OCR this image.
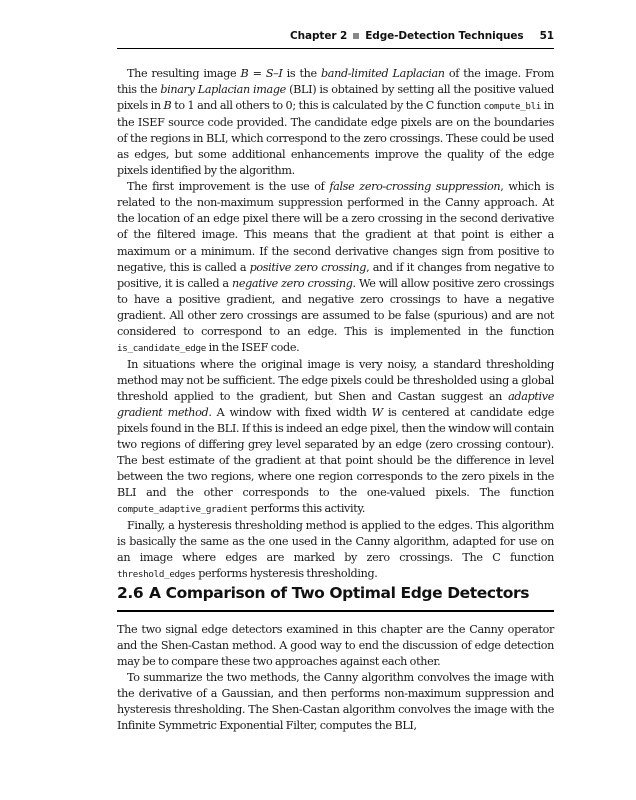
Chapter 2 Edge-Detection Techniques 51

The resulting image B = S–I is the band-limited Laplacian of the image. From this the binary Laplacian image (BLI) is obtained by setting all the positive valued pixels in B to 1 and all others to 0; this is calculated by the C function compute_bli in the ISEF source code provided. The candidate edge pixels are on the boundaries of the regions in BLI, which correspond to the zero crossings. These could be used as edges, but some additional enhancements improve the quality of the edge pixels identified by the algorithm.

The first improvement is the use of false zero-crossing suppression, which is related to the non-maximum suppression performed in the Canny approach. At the location of an edge pixel there will be a zero crossing in the second derivative of the filtered image. This means that the gradient at that point is either a maximum or a minimum. If the second derivative changes sign from positive to negative, this is called a positive zero crossing, and if it changes from negative to positive, it is called a negative zero crossing. We will allow positive zero crossings to have a positive gradient, and negative zero crossings to have a negative gradient. All other zero crossings are assumed to be false (spurious) and are not considered to correspond to an edge. This is implemented in the function is_candidate_edge in the ISEF code.

In situations where the original image is very noisy, a standard thresholding method may not be sufficient. The edge pixels could be thresholded using a global threshold applied to the gradient, but Shen and Castan suggest an adaptive gradient method. A window with fixed width W is centered at candidate edge pixels found in the BLI. If this is indeed an edge pixel, then the window will contain two regions of differing grey level separated by an edge (zero crossing contour). The best estimate of the gradient at that point should be the difference in level between the two regions, where one region corresponds to the zero pixels in the BLI and the other corresponds to the one-valued pixels. The function compute_adaptive_gradient performs this activity.

Finally, a hysteresis thresholding method is applied to the edges. This algorithm is basically the same as the one used in the Canny algorithm, adapted for use on an image where edges are marked by zero crossings. The C function threshold_edges performs hysteresis thresholding.

2.6 A Comparison of Two Optimal Edge Detectors

The two signal edge detectors examined in this chapter are the Canny operator and the Shen-Castan method. A good way to end the discussion of edge detection may be to compare these two approaches against each other.

To summarize the two methods, the Canny algorithm convolves the image with the derivative of a Gaussian, and then performs non-maximum suppression and hysteresis thresholding. The Shen-Castan algorithm convolves the image with the Infinite Symmetric Exponential Filter, computes the BLI,
